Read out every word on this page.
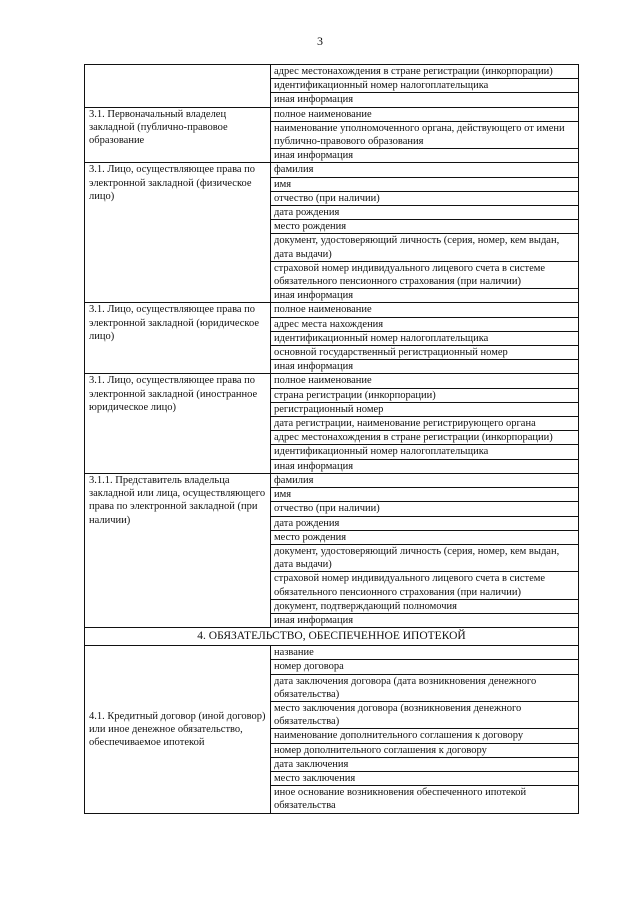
3
	адрес местонахождения в стране регистрации (инкорпорации)
	идентификационный номер налогоплательщика
	иная информация
3.1. Первоначальный владелец закладной (публично-правовое образование	полное наименование
	наименование уполномоченного органа, действующего от имени публично-правового образования
	иная информация
3.1. Лицо, осуществляющее права по электронной закладной (физическое лицо)	фамилия
	имя
	отчество (при наличии)
	дата рождения
	место рождения
	документ, удостоверяющий личность (серия, номер, кем выдан, дата выдачи)
	страховой номер индивидуального лицевого счета в системе обязательного пенсионного страхования (при наличии)
	иная информация
3.1. Лицо, осуществляющее права по электронной закладной (юридическое лицо)	полное наименование
	адрес места нахождения
	идентификационный номер налогоплательщика
	основной государственный регистрационный номер
	иная информация
3.1. Лицо, осуществляющее права по электронной закладной (иностранное юридическое лицо)	полное наименование
	страна регистрации (инкорпорации)
	регистрационный номер
	дата регистрации, наименование регистрирующего органа
	адрес местонахождения в стране регистрации (инкорпорации)
	идентификационный номер налогоплательщика
	иная информация
3.1.1. Представитель владельца закладной или лица, осуществляющего права по электронной закладной (при наличии)	фамилия
	имя
	отчество (при наличии)
	дата рождения
	место рождения
	документ, удостоверяющий личность (серия, номер, кем выдан, дата выдачи)
	страховой номер индивидуального лицевого счета в системе обязательного пенсионного страхования (при наличии)
	документ, подтверждающий полномочия
	иная информация
4. ОБЯЗАТЕЛЬСТВО, ОБЕСПЕЧЕННОЕ ИПОТЕКОЙ	
4.1. Кредитный договор (иной договор) или иное денежное обязательство, обеспечиваемое ипотекой	название
	номер договора
	дата заключения договора (дата возникновения денежного обязательства)
	место заключения договора (возникновения денежного обязательства)
	наименование дополнительного соглашения к договору
	номер дополнительного соглашения к договору
	дата заключения
	место заключения
	иное основание возникновения обеспеченного ипотекой обязательства
